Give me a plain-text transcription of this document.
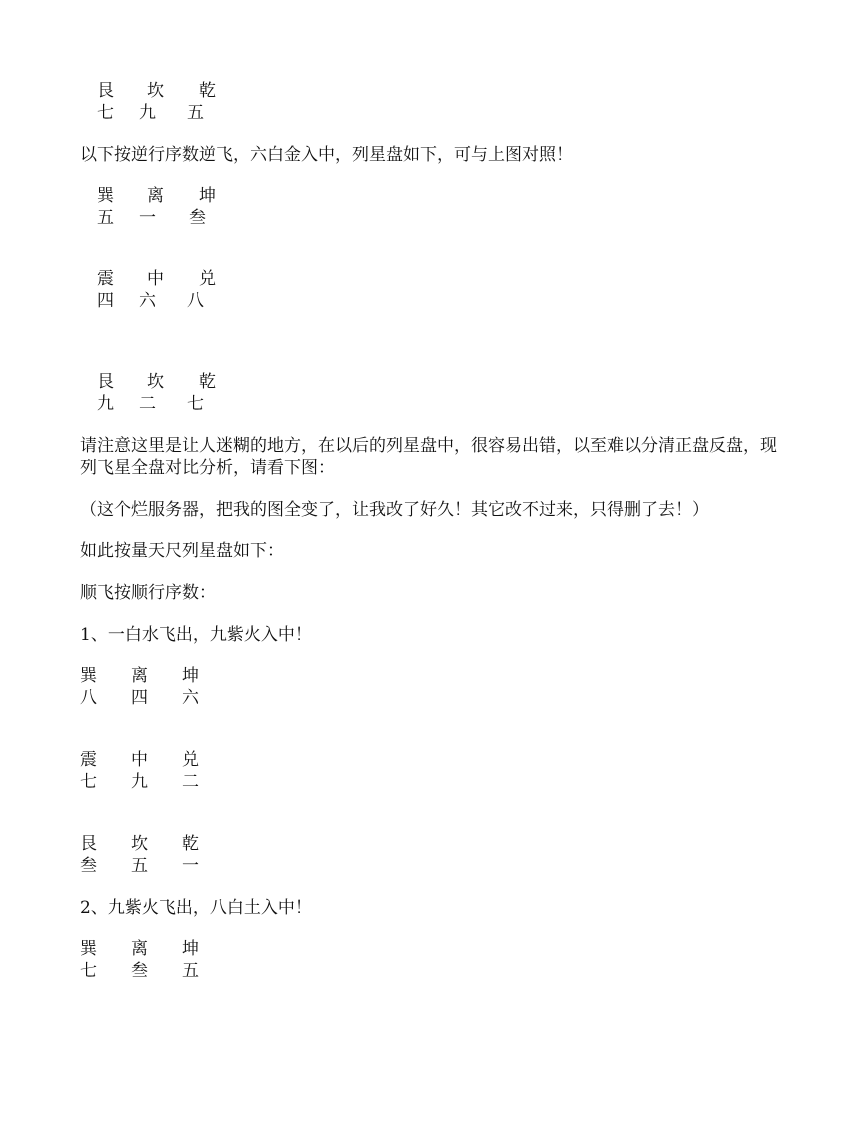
艮 坎 乾
七 九 五
以下按逆行序数逆飞，六白金入中，列星盘如下，可与上图对照！
巽 离 坤
五 一 叁
震 中 兑
四 六 八
艮 坎 乾
九 二 七
请注意这里是让人迷糊的地方，在以后的列星盘中，很容易出错，以至难以分清正盘反盘，现
列飞星全盘对比分析，请看下图：
（这个烂服务器，把我的图全变了，让我改了好久！其它改不过来，只得删了去！）
如此按量天尺列星盘如下：
顺飞按顺行序数：
1、一白水飞出，九紫火入中！
巽 离 坤
八 四 六
震 中 兑
七 九 二
艮 坎 乾
叁 五 一
2、九紫火飞出，八白土入中！
巽 离 坤
七 叁 五
